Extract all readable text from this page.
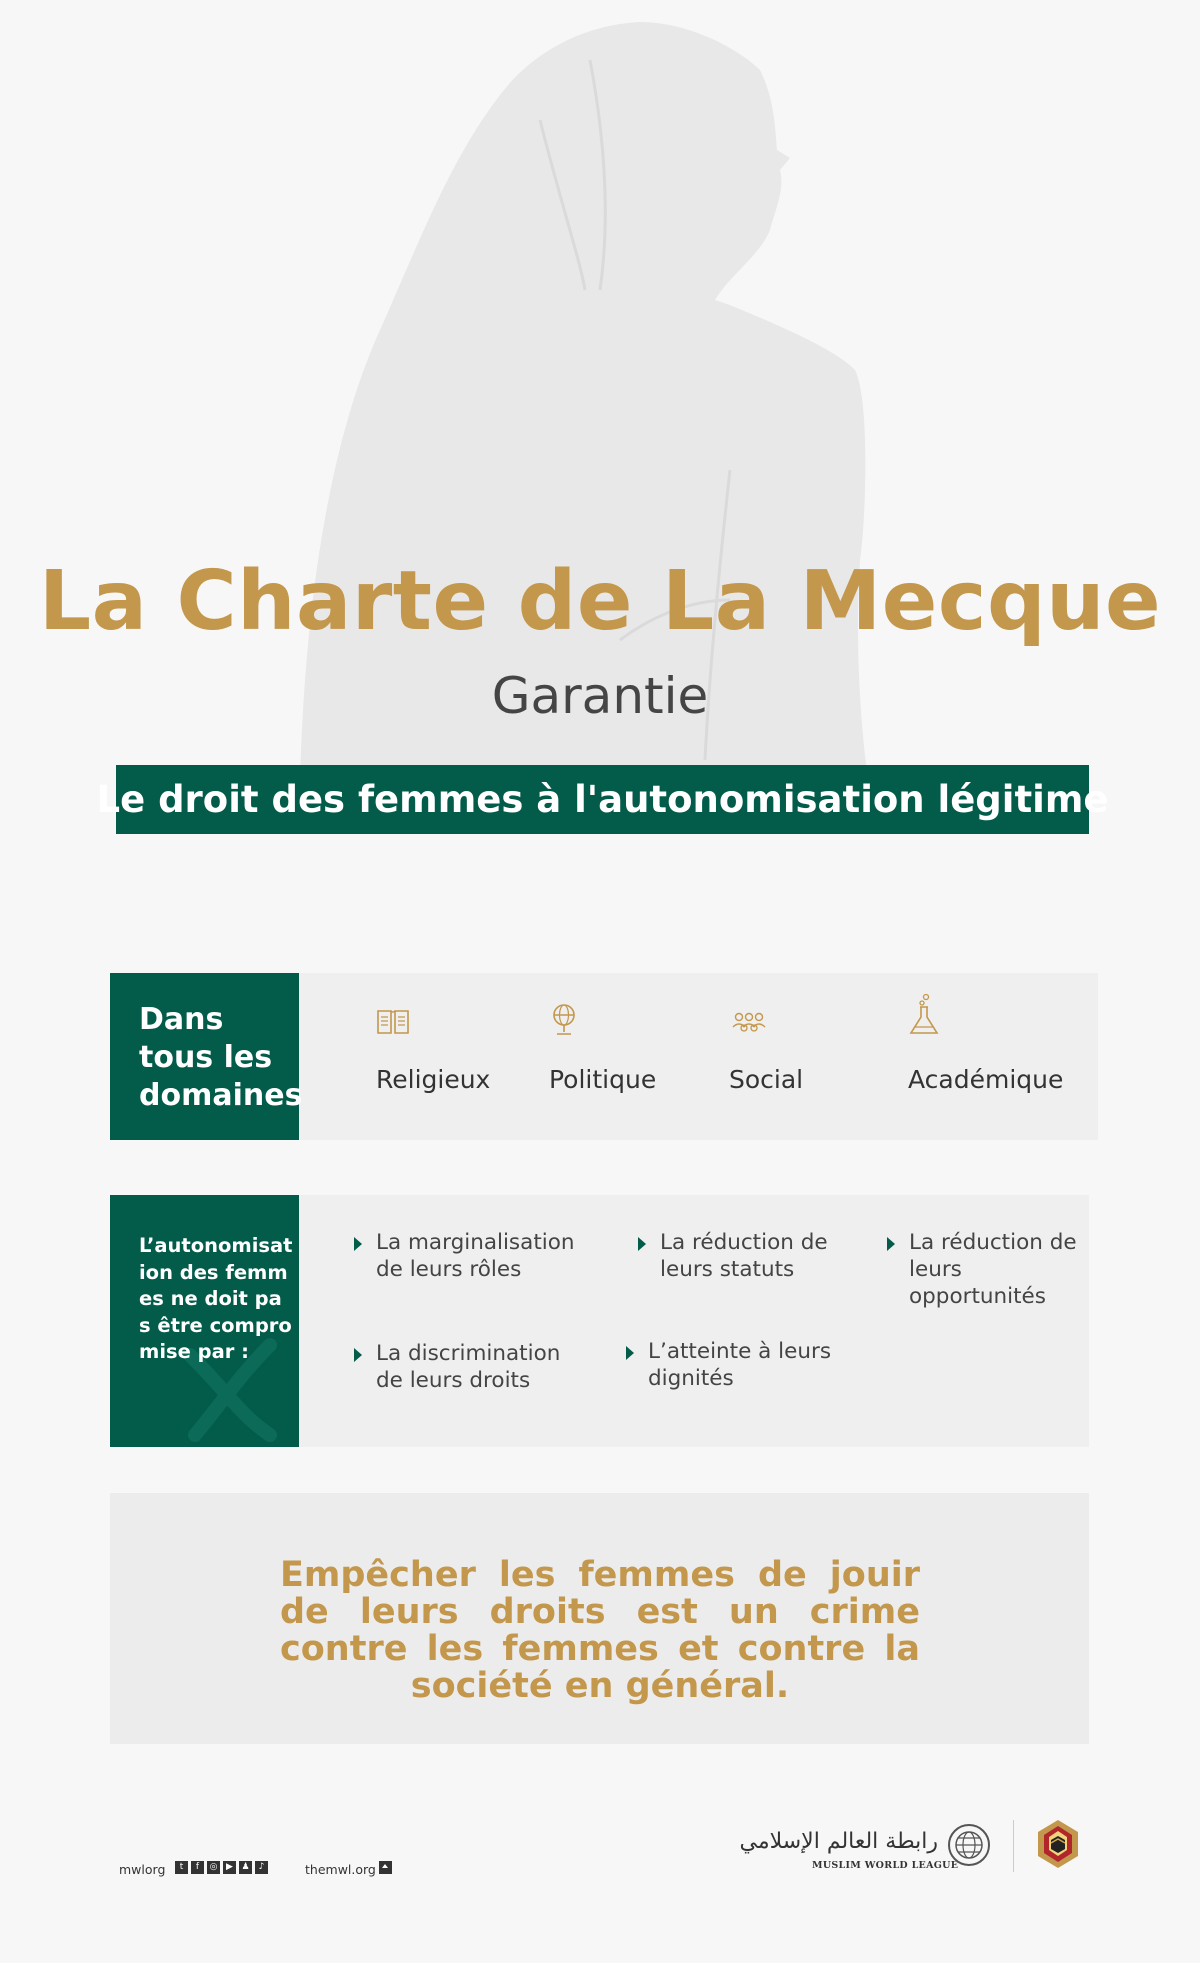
La Charte de La Mecque
Garantie
Le droit des femmes à l'autonomisation légitime
Dans tous les domaines	Religieux Politique	Social	Académique
L’autonomisation des femmes ne doit pas être compromise par :
La marginalisation de leurs rôles
La réduction de leurs statuts
La réduction de leurs opportunités
La discrimination de leurs droits
L’atteinte à leurs dignités
Empêcher les femmes de jouir de leurs droits est un crime contre les femmes et contre la société en général.
mwlorg	t	f	◎ ▶ ♟	♪	themwl.org
رابطة العالم الإسلامي
MUSLIM WORLD LEAGUE
